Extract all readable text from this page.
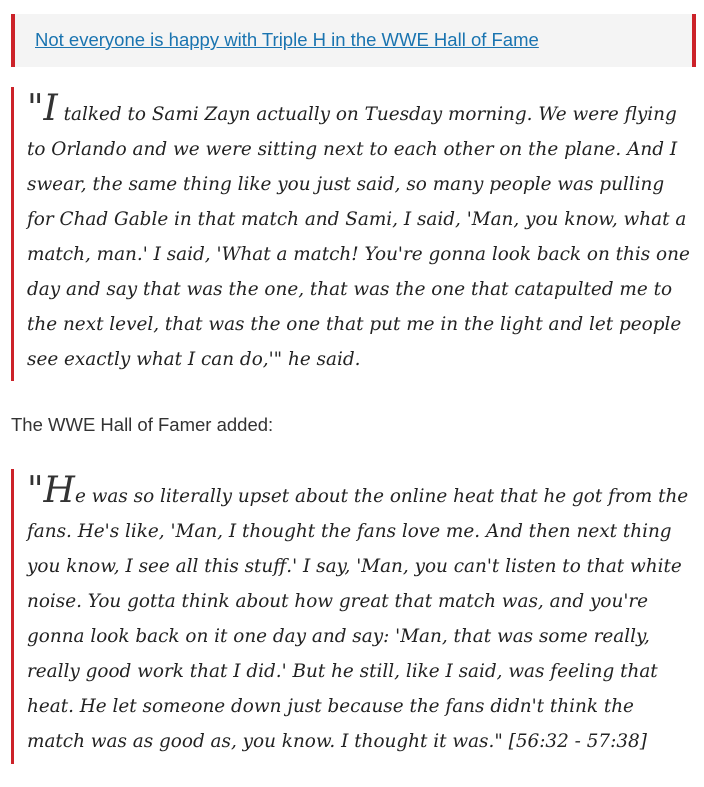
Not everyone is happy with Triple H in the WWE Hall of Fame

"I talked to Sami Zayn actually on Tuesday morning. We were flying to Orlando and we were sitting next to each other on the plane. And I swear, the same thing like you just said, so many people was pulling for Chad Gable in that match and Sami, I said, 'Man, you know, what a match, man.' I said, 'What a match! You're gonna look back on this one day and say that was the one, that was the one that catapulted me to the next level, that was the one that put me in the light and let people see exactly what I can do,'" he said.

The WWE Hall of Famer added:

"He was so literally upset about the online heat that he got from the fans. He's like, 'Man, I thought the fans love me. And then next thing you know, I see all this stuff.' I say, 'Man, you can't listen to that white noise. You gotta think about how great that match was, and you're gonna look back on it one day and say: 'Man, that was some really, really good work that I did.' But he still, like I said, was feeling that heat. He let someone down just because the fans didn't think the match was as good as, you know. I thought it was." [56:32 - 57:38]
